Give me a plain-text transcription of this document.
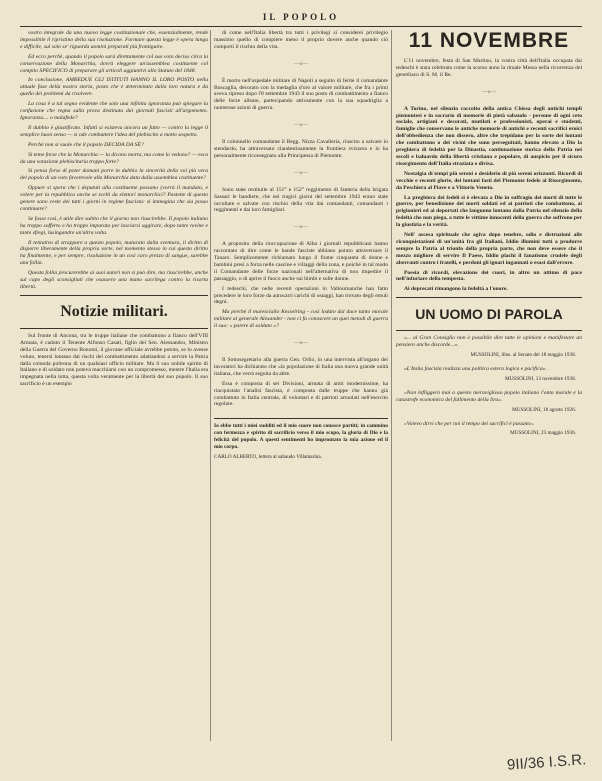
IL POPOLO

vostro integrale da una nuova legge costituzionale che, essenzialmente, rende impossibile il ripristino della sua risoluzione. Formare questa legge è opera lunga e difficile, sul solo se' riguarda uomini preparati più frontiguire.

Ed ecco perchè, quando il popolo sarà direttamente col suo voto deciso circa la conservazione della Monarchia, dovrà eleggere un'assemblea costituente col compito SPECIFICO di preparare gli articoli aggiuntivi allo Statuto del 1848.

In conclusione, AMBEDUE GLI ISTITUTI HANNO IL LORO POSTO nella attuale fase della nostra storia, posto che è determinato dalla loro natura e da quello dei problemi da risolvere.

La cosa è a tal segno evidente che solo una infinita ignoranza può spiegare la confusione che regna sulla prova destinata dai giornali fascisti all'argomento. Ignoranza.... o malafede?

Il dubbio è giustificato. Infatti si esisteva ancora un fatto — contro la legge il semplice buon senso — si ode combattere l'idea del plebiscito a motto sospetto.

Perchè non si vuole che il popolo DECIDA DA SÈ?

Si teme forse che la Monarchia — la dicono morta, ma come lo vedono? — esca da una votazione plebiscitaria troppo forte?

Si pensa forse di poter domani porre in dubbio la sincerità della voi più vera del popolo di un voto favorevole alla Monarchia data dalla assemblea costituente?

Oppure si spera che i deputati alla costituente possano (vorrà il mandato, e volere per la repubblica anche se scelti da elettori monarchici? Pastette di questo genere sono ceste dei tutti i giorni in regime fascista: si immagina che sia posso continuare?

Se fosse così, è utile dire subito che il giorno non riuscirebbe. Il popolo italiano ha troppo sofferto e ha troppo imparato per lasciarsi aggirare, dopo tante rovine e tante sfregi, lusingandre un'altra volta.

Il tentativo di strappare a questo popolo, maturato dalla sventura, il diritto di disporre liberamente della propria sorte, nel momento stesso in cui questo diritto ha finalmente, e per sempre, risoluzione in un così caro prezzo di sangue, sarebbe una follia.

Questa follia procurerebbe ai suoi autori non si può dire, ma riuscirebbe, anche sul capo degli sconsigliati che osassero una mano sacrilega contro la risorta libertà.

Notizie militari.

Sul fronte di Ancona, tra le truppe italiane che combattono a fianco dell'VIII Armata, è caduto il Tenente Alfonso Casati, figlio del Sen. Alessandro, Ministro della Guerra del Governo Bonomi, il giovane ufficiale avrebbe potuto, se lo avesse voluto, tenersi lontano dai rischi del combattimento adattandosi a servire la Patria dalla comoda poltrona di un qualsiasi ufficio militare. Ma il suo nobile spirito di Italiano e di soldato non poteva macchiarsi con un compromesso, mentre l'Italia era impegnata nella lotta, questa volta veramente per la libertà del suo popolo. Il suo sacrificio è un esempio

di come nell'Italia libertà tra tutti i privilegi si considerei privilegio massimo quello di compiere meno il proprio dovere anche quando ciò comporti il rischio della vita.

—o—

È morto nell'ospedale militare di Napoli a seguito di ferite il comandante Boscaglia, decorato con la medaglia d'oro al valore militare, che fra i primi aveva ripreso dopo l'8 settembre 1943 il suo posto di combattimento a fianco delle forze alleate, partecipando attivamente con la sua squadriglia a numerose azioni di guerra.

—o—

Il colonnello comandante il Regg. Nizza Cavalleria, riuscito a salvare lo stendardo, ha attraversato clandestinamente la frontiera svizzera e lo ha personalmente riconsegnato alla Principessa di Piemonte.

—o—

Sono state restituite al 151° e 152° reggimento di fanteria della brigata Sassari le bandiere, che nei tragici giorni del settembre 1943 erano state occultate e salvate con rischio della vita dai comandanti, comandanti i reggimenti e dai loro famigliari.

—o—

A proposito della rioccupazione di Alba i giornali repubblicani hanno raccontato di dire come le bande fasciste abbiano potuto attraversare il Tanaro. Semplicemente richiamato lungo il fiume cinquanta di donne e bambini presi a forza nelle cascine e villaggi della zona, e poiché in tal modo il Comandante delle forze nazionali nell'alternativa di non impedire il passaggio, o di aprire il fuoco anche sui bimbi e sulle donne.

I tedeschi, che nelle recenti operazioni in Valtournanche han fatto precedere le loro forze da autocarri carichi di ostaggi, han trovato degli emuli degni.

Ma perché il maresciallo Kesselring - così lodato dal duce tanto morale militare al generale Alexander - non ci fa conoscere un quei metodi di guerra il suo: « parere di soldato »?

—o—

Il Sottosegretario alla guerra Gen. Orlio, in una intervista all'organo dei lavoratori ha dichiarato che «la popolazione di Italia una nuova grande unità italiana, che verrà seguita da altre.

Essa è composta di sei Divisioni, armata di armi modernissime, ha riacquistato l'analisi fascista, è composta dalle truppe che hanno già combattuto in Italia centrale, di volontari e di patrioti arruolati nell'esercito regolare.

Io ebbe tutti i miei sudditi ed il mio cuore non conosce partiti; in cammino con fermezza e spirito di sacrificio verso il mio scopo, la gloria di Dio e la felicità del popolo. A questi sentimenti ho improntato la mia azione ed il mio corpo.

CARLO ALBERTO, lettera al sabaudo Villamarina.

11 NOVEMBRE

L'11 novembre, festa di San Martino, la vostra città dell'Italia occupata dai tedeschi è stata celebrata come la scorso anno la rituale Messa nella ricorrenza del genetliaco di S. M. il Re.

—o—

A Torino, nel silenzio raccolto della antica Chiesa degli antichi templi piemontesi e in sacrario di memorie di pietà sabaudo - persone di ogni ceto sociale, artigiani e decorati, mutilati e professionisti, operai e studenti, famiglie che conservano le antiche memorie di antichi e recenti sacrifici eroici dell'obbedienza che non dissero, altre che trepidano per la sorte dei lontani che combattono o dei vicini che sono perseguitati, hanno elevato a Dio la preghiera di fedeltà per la Dinastia, continuazione storica della Patria nei secoli e baluardo della libertà cristiana e popolare, di auspicio per il sicuro risorgimento dell'Italia straziata e divisa.

Nostalgia di tempi più sereni e desiderio di più sereni orizzonti. Ricordi di vecchie e recenti glorie, dei lontani fasti del Piemonte fedele al Risorgimento, da Peschiera al Piave e a Vittorio Veneto.

La preghiera dei fedeli si è elevata a Dio in suffragio dei morti di tutte le guerre, per benedizione dei morti soldati ed ai patrioti che combattono, ai prigionieri ed ai deportati che languono lontano dalla Patria nel silenzio della fedeltà che non piega, a tutte le vittime innocenti della guerra che soffrono per la giustizia e la verità.

Nell' ascesa spirituale che agiva dopo tenebre, odio e distruzioni alle riconquistazioni di un'unità fra gli Italiani, Iddio illumini tutti a produrre sempre la Patria al trionfo della propria parte, che non deve essere che il mezzo migliore di servire Il Paese, Iddio plachi il fanatismo crudele degli aberranti contro i fratelli, e perdoni gli ignari ingannati o esasi dall'errore.

Poesia di ricordi, elevazione dei cuori, in altro un attimo di pace nell'infuriare della tempesta.

Ai deprecati rimangono la fedeltà a l'onore.

UN UOMO DI PAROLA

«... al Gran Consiglio non è possibile dire tutte le opinioni e manifestare un pensiero anche discorde...».

MUSSOLINI, illus. al Senato del 18 maggio 1938.

«L'Italia fascista realizza una politica estera logica e pacifica».

MUSSOLINI, 13 novembre 1938.

«Non infliggerò mai a questo meraviglioso popolo italiano l'onta morale e la catastrofe economica del fallimento della lira».

MUSSOLINI, 18 agosto 1926.

«Volevo dirvi che per noi il tempo dei sacrifici è passato».

MUSSOLINI, 23 maggio 1936.
9II/36 I.S.R.
